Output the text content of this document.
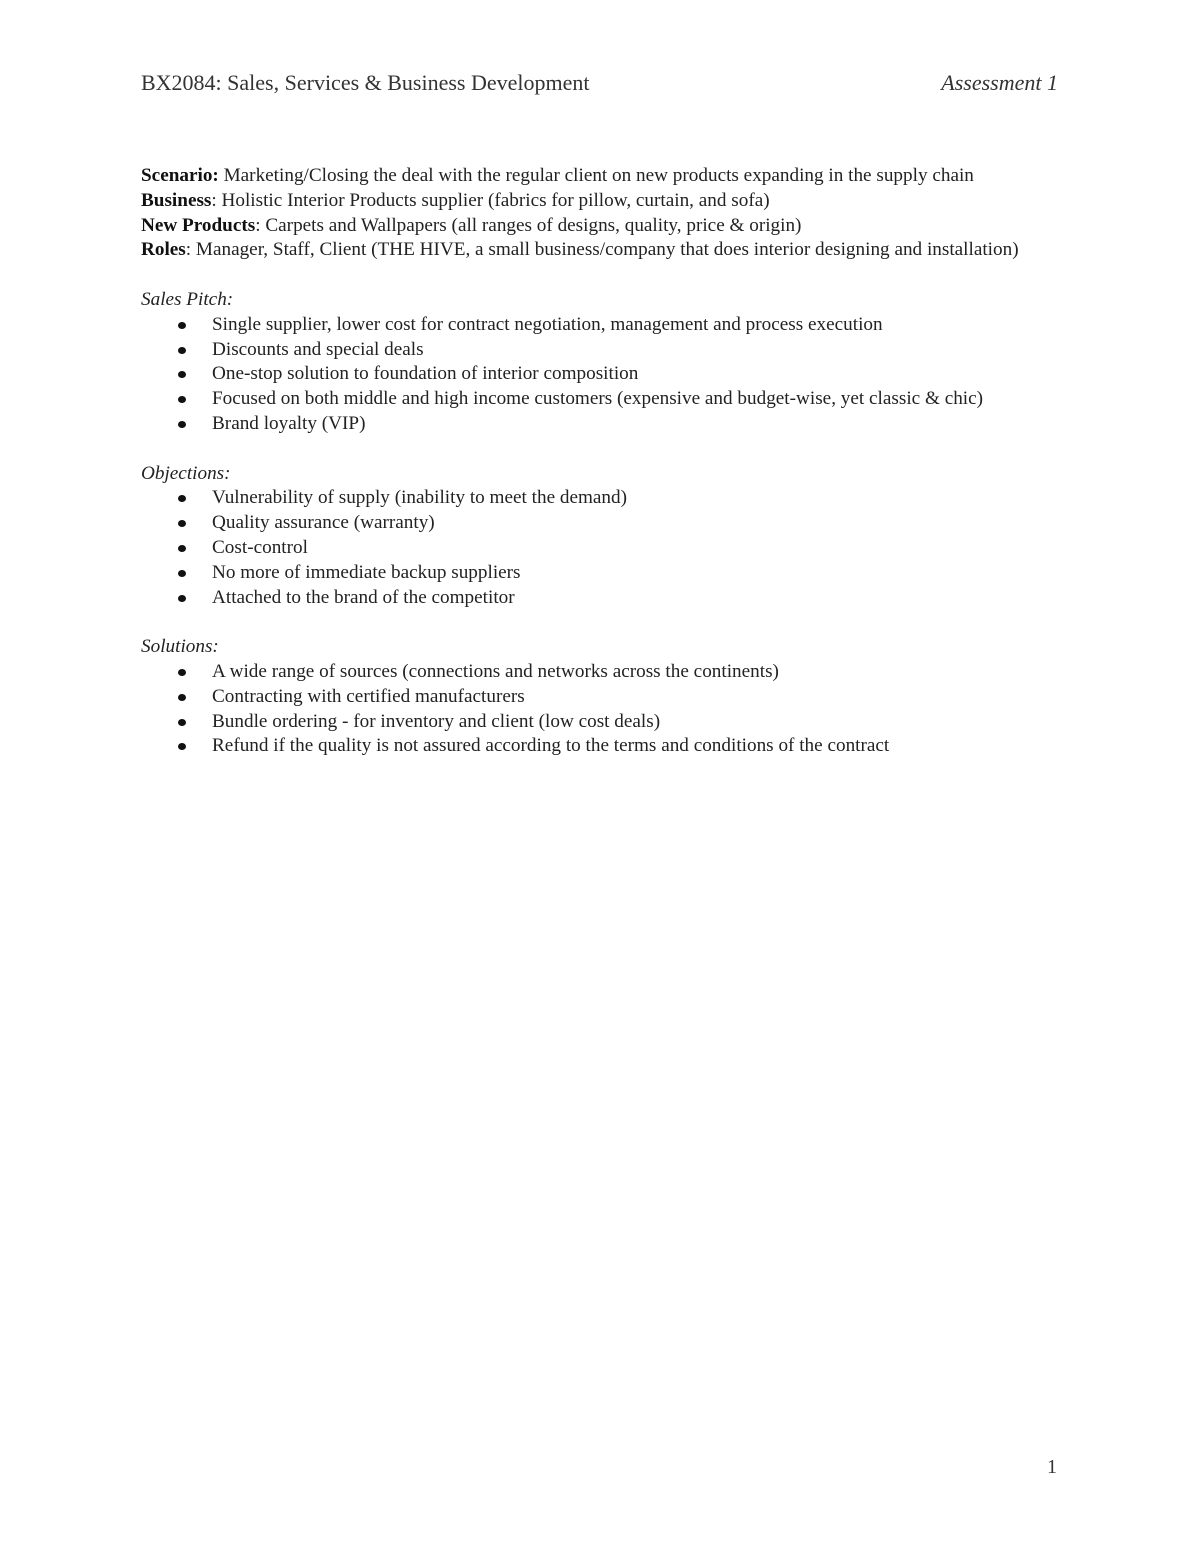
BX2084: Sales, Services & Business Development	Assessment 1

Scenario: Marketing/Closing the deal with the regular client on new products expanding in the supply chain

Business: Holistic Interior Products supplier (fabrics for pillow, curtain, and sofa)

New Products: Carpets and Wallpapers (all ranges of designs, quality, price & origin)

Roles: Manager, Staff, Client (THE HIVE, a small business/company that does interior designing and installation)

Sales Pitch:

Single supplier, lower cost for contract negotiation, management and process execution
Discounts and special deals
One-stop solution to foundation of interior composition
Focused on both middle and high income customers (expensive and budget-wise, yet classic & chic)
Brand loyalty (VIP)

Objections:

Vulnerability of supply (inability to meet the demand)
Quality assurance (warranty)
Cost-control
No more of immediate backup suppliers
Attached to the brand of the competitor

Solutions:

A wide range of sources (connections and networks across the continents)
Contracting with certified manufacturers
Bundle ordering - for inventory and client (low cost deals)
Refund if the quality is not assured according to the terms and conditions of the contract
1
